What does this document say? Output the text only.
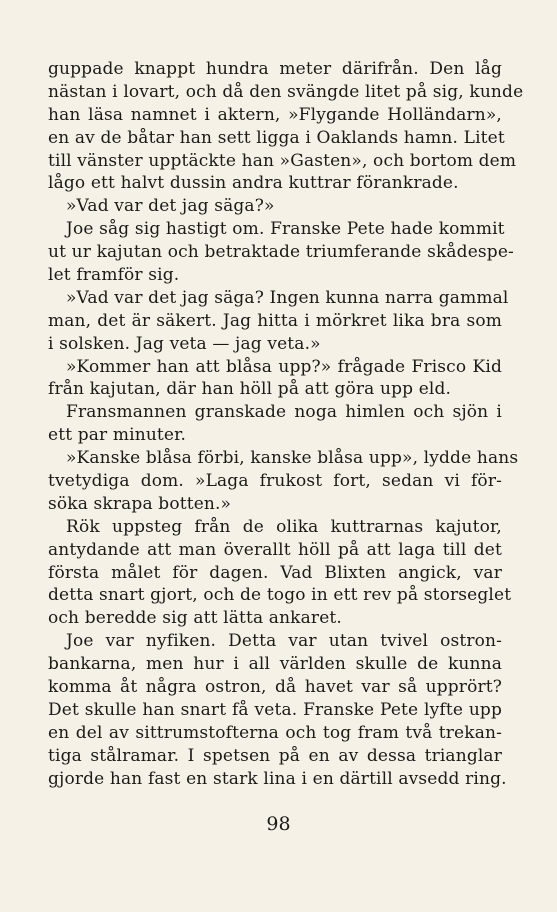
guppade knappt hundra meter därifrån. Den låg
nästan i lovart, och då den svängde litet på sig, kunde
han läsa namnet i aktern, »Flygande Holländarn»,
en av de båtar han sett ligga i Oaklands hamn. Litet
till vänster upptäckte han »Gasten», och bortom dem
lågo ett halvt dussin andra kuttrar förankrade.
»Vad var det jag säga?»
Joe såg sig hastigt om. Franske Pete hade kommit
ut ur kajutan och betraktade triumferande skådespe-
let framför sig.
»Vad var det jag säga? Ingen kunna narra gammal
man, det är säkert. Jag hitta i mörkret lika bra som
i solsken. Jag veta — jag veta.»
»Kommer han att blåsa upp?» frågade Frisco Kid
från kajutan, där han höll på att göra upp eld.
Fransmannen granskade noga himlen och sjön i
ett par minuter.
»Kanske blåsa förbi, kanske blåsa upp», lydde hans
tvetydiga dom. »Laga frukost fort, sedan vi för-
söka skrapa botten.»
Rök uppsteg från de olika kuttrarnas kajutor,
antydande att man överallt höll på att laga till det
första målet för dagen. Vad Blixten angick, var
detta snart gjort, och de togo in ett rev på storseglet
och beredde sig att lätta ankaret.
Joe var nyfiken. Detta var utan tvivel ostron-
bankarna, men hur i all världen skulle de kunna
komma åt några ostron, då havet var så upprört?
Det skulle han snart få veta. Franske Pete lyfte upp
en del av sittrumstofterna och tog fram två trekan-
tiga stålramar. I spetsen på en av dessa trianglar
gjorde han fast en stark lina i en därtill avsedd ring.
98
